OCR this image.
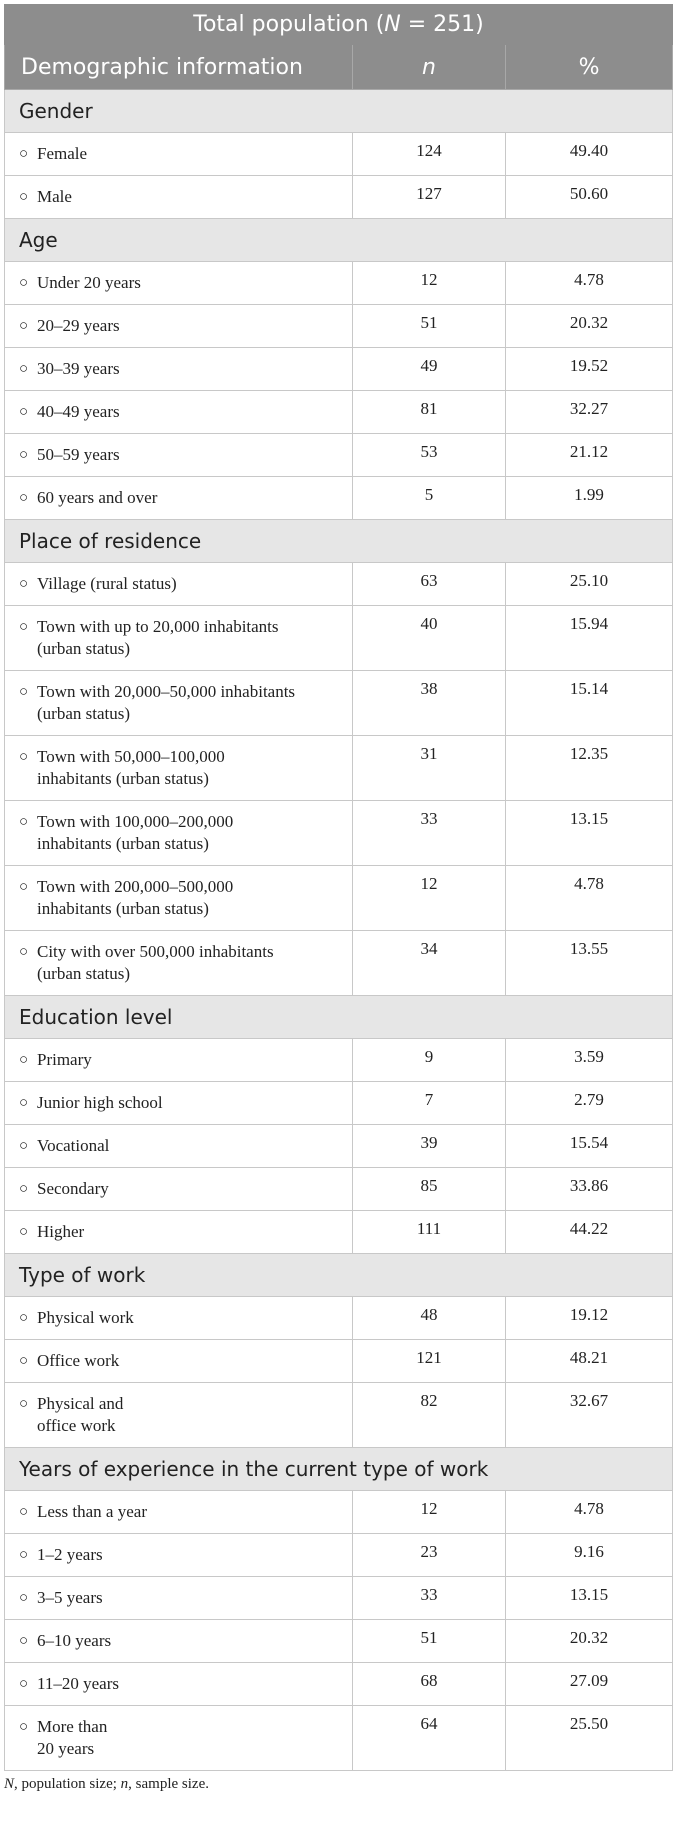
Total population (N = 251)		
Demographic information	n	%
Gender		
○ Female	124	49.40
○ Male	127	50.60
Age		
○ Under 20 years	12	4.78
○ 20–29 years	51	20.32
○ 30–39 years	49	19.52
○ 40–49 years	81	32.27
○ 50–59 years	53	21.12
○ 60 years and over	5	1.99
Place of residence		
○ Village (rural status)	63	25.10
○ Town with up to 20,000 inhabitants
(urban status)	40	15.94
○ Town with 20,000–50,000 inhabitants
(urban status)	38	15.14
○ Town with 50,000–100,000
inhabitants (urban status)	31	12.35
○ Town with 100,000–200,000
inhabitants (urban status)	33	13.15
○ Town with 200,000–500,000
inhabitants (urban status)	12	4.78
○ City with over 500,000 inhabitants
(urban status)	34	13.55
Education level		
○ Primary	9	3.59
○ Junior high school	7	2.79
○ Vocational	39	15.54
○ Secondary	85	33.86
○ Higher	111	44.22
Type of work		
○ Physical work	48	19.12
○ Office work	121	48.21
○ Physical and
office work	82	32.67
Years of experience in the current type of work		
○ Less than a year	12	4.78
○ 1–2 years	23	9.16
○ 3–5 years	33	13.15
○ 6–10 years	51	20.32
○ 11–20 years	68	27.09
○ More than
20 years	64	25.50
N, population size; n, sample size.
